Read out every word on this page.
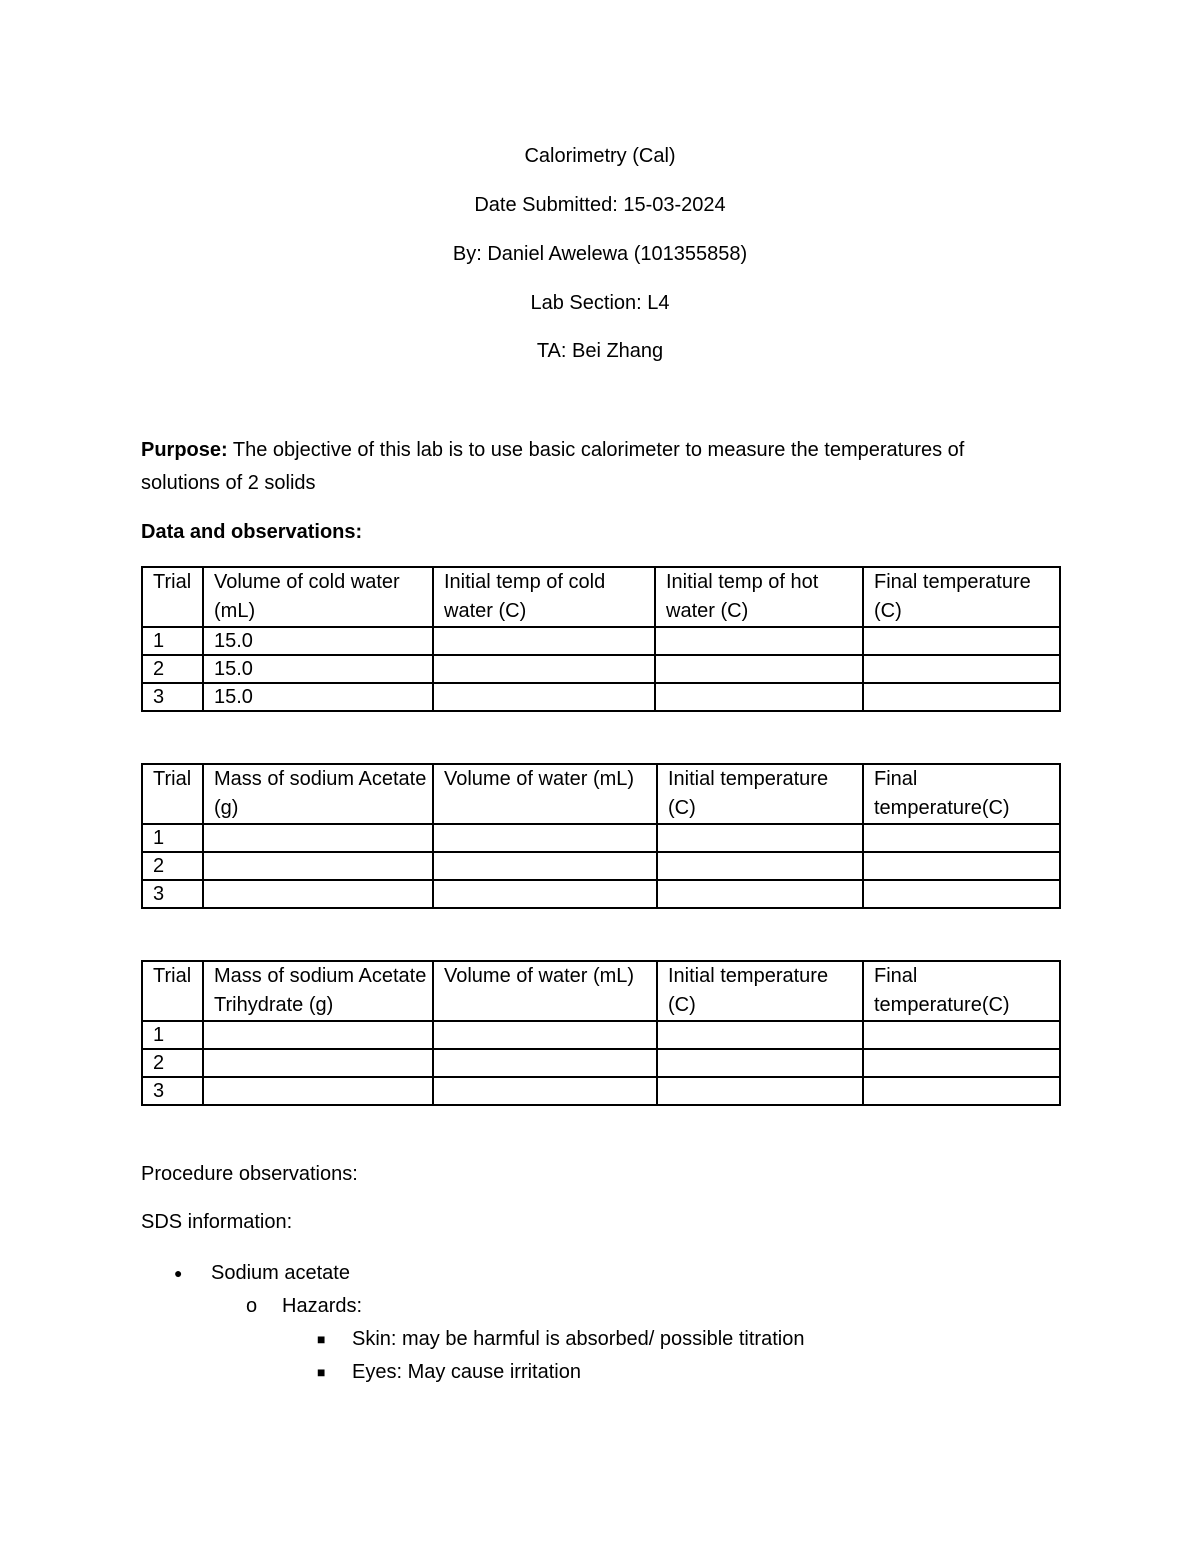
Calorimetry (Cal)
Date Submitted: 15-03-2024
By: Daniel Awelewa (101355858)
Lab Section: L4
TA: Bei Zhang
Purpose: The objective of this lab is to use basic calorimeter to measure the temperatures of
solutions of 2 solids
Data and observations:
Trial	Volume of cold water (mL)	Initial temp of cold water (C)	Initial temp of hot water (C)	Final temperature (C)
1	15.0			
2	15.0			
3	15.0			
Trial	Mass of sodium Acetate (g)	Volume of water (mL)	Initial temperature (C)	Final temperature(C)
1				
2				
3				
Trial	Mass of sodium Acetate Trihydrate (g)	Volume of water (mL)	Initial temperature (C)	Final temperature(C)
1				
2				
3				
Procedure observations:
SDS information:
● Sodium acetate
o Hazards:
■ Skin: may be harmful is absorbed/ possible titration
■ Eyes: May cause irritation
